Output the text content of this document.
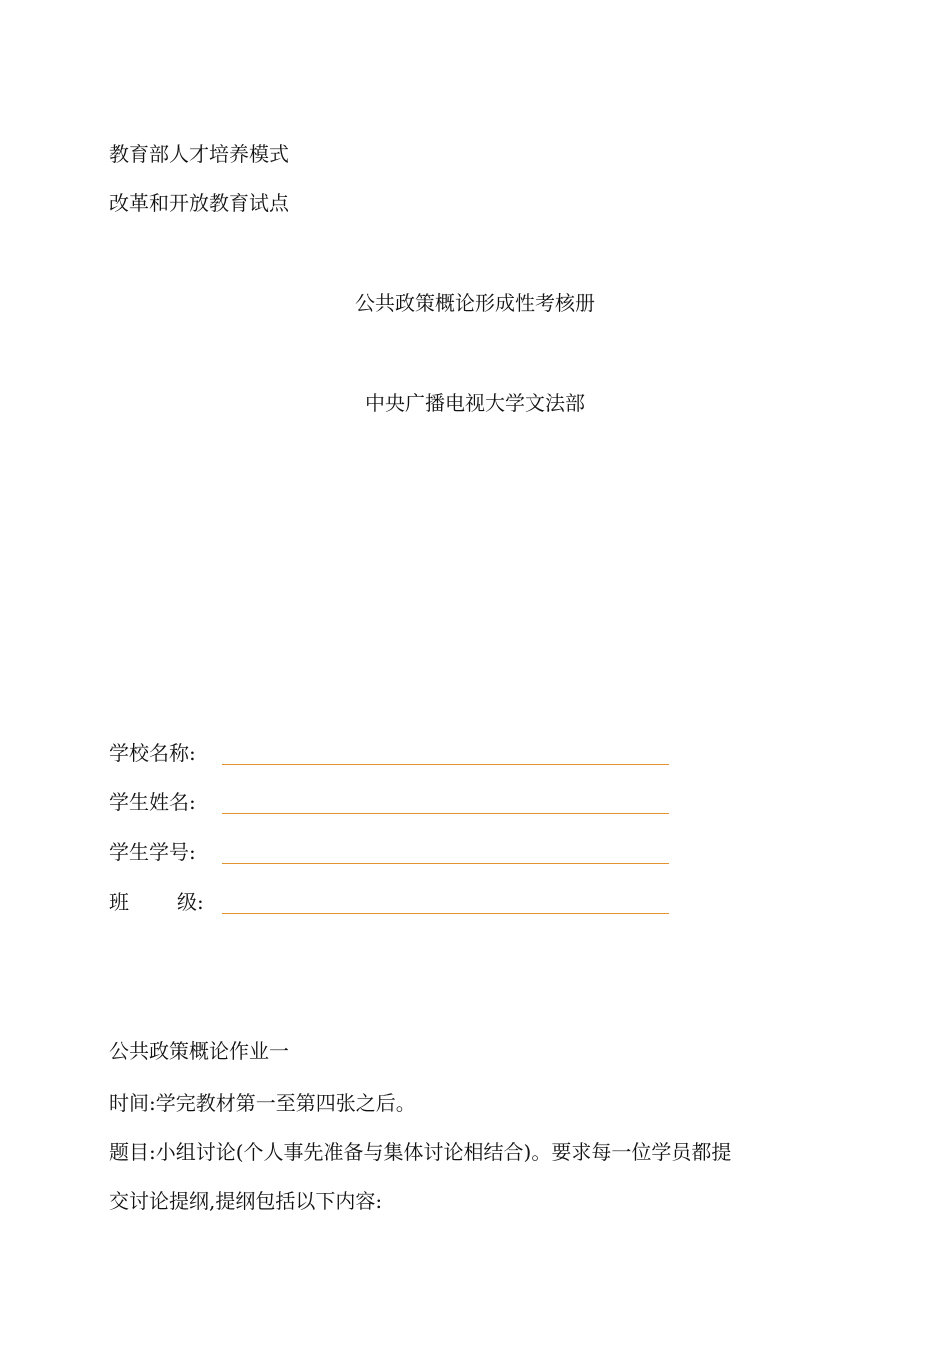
教育部人才培养模式
改革和开放教育试点
公共政策概论形成性考核册
中央广播电视大学文法部
学校名称:
学生姓名:
学生学号:
班 级:
公共政策概论作业一
时间:学完教材第一至第四张之后。
题目:小组讨论(个人事先准备与集体讨论相结合)。要求每一位学员都提
交讨论提纲,提纲包括以下内容:
